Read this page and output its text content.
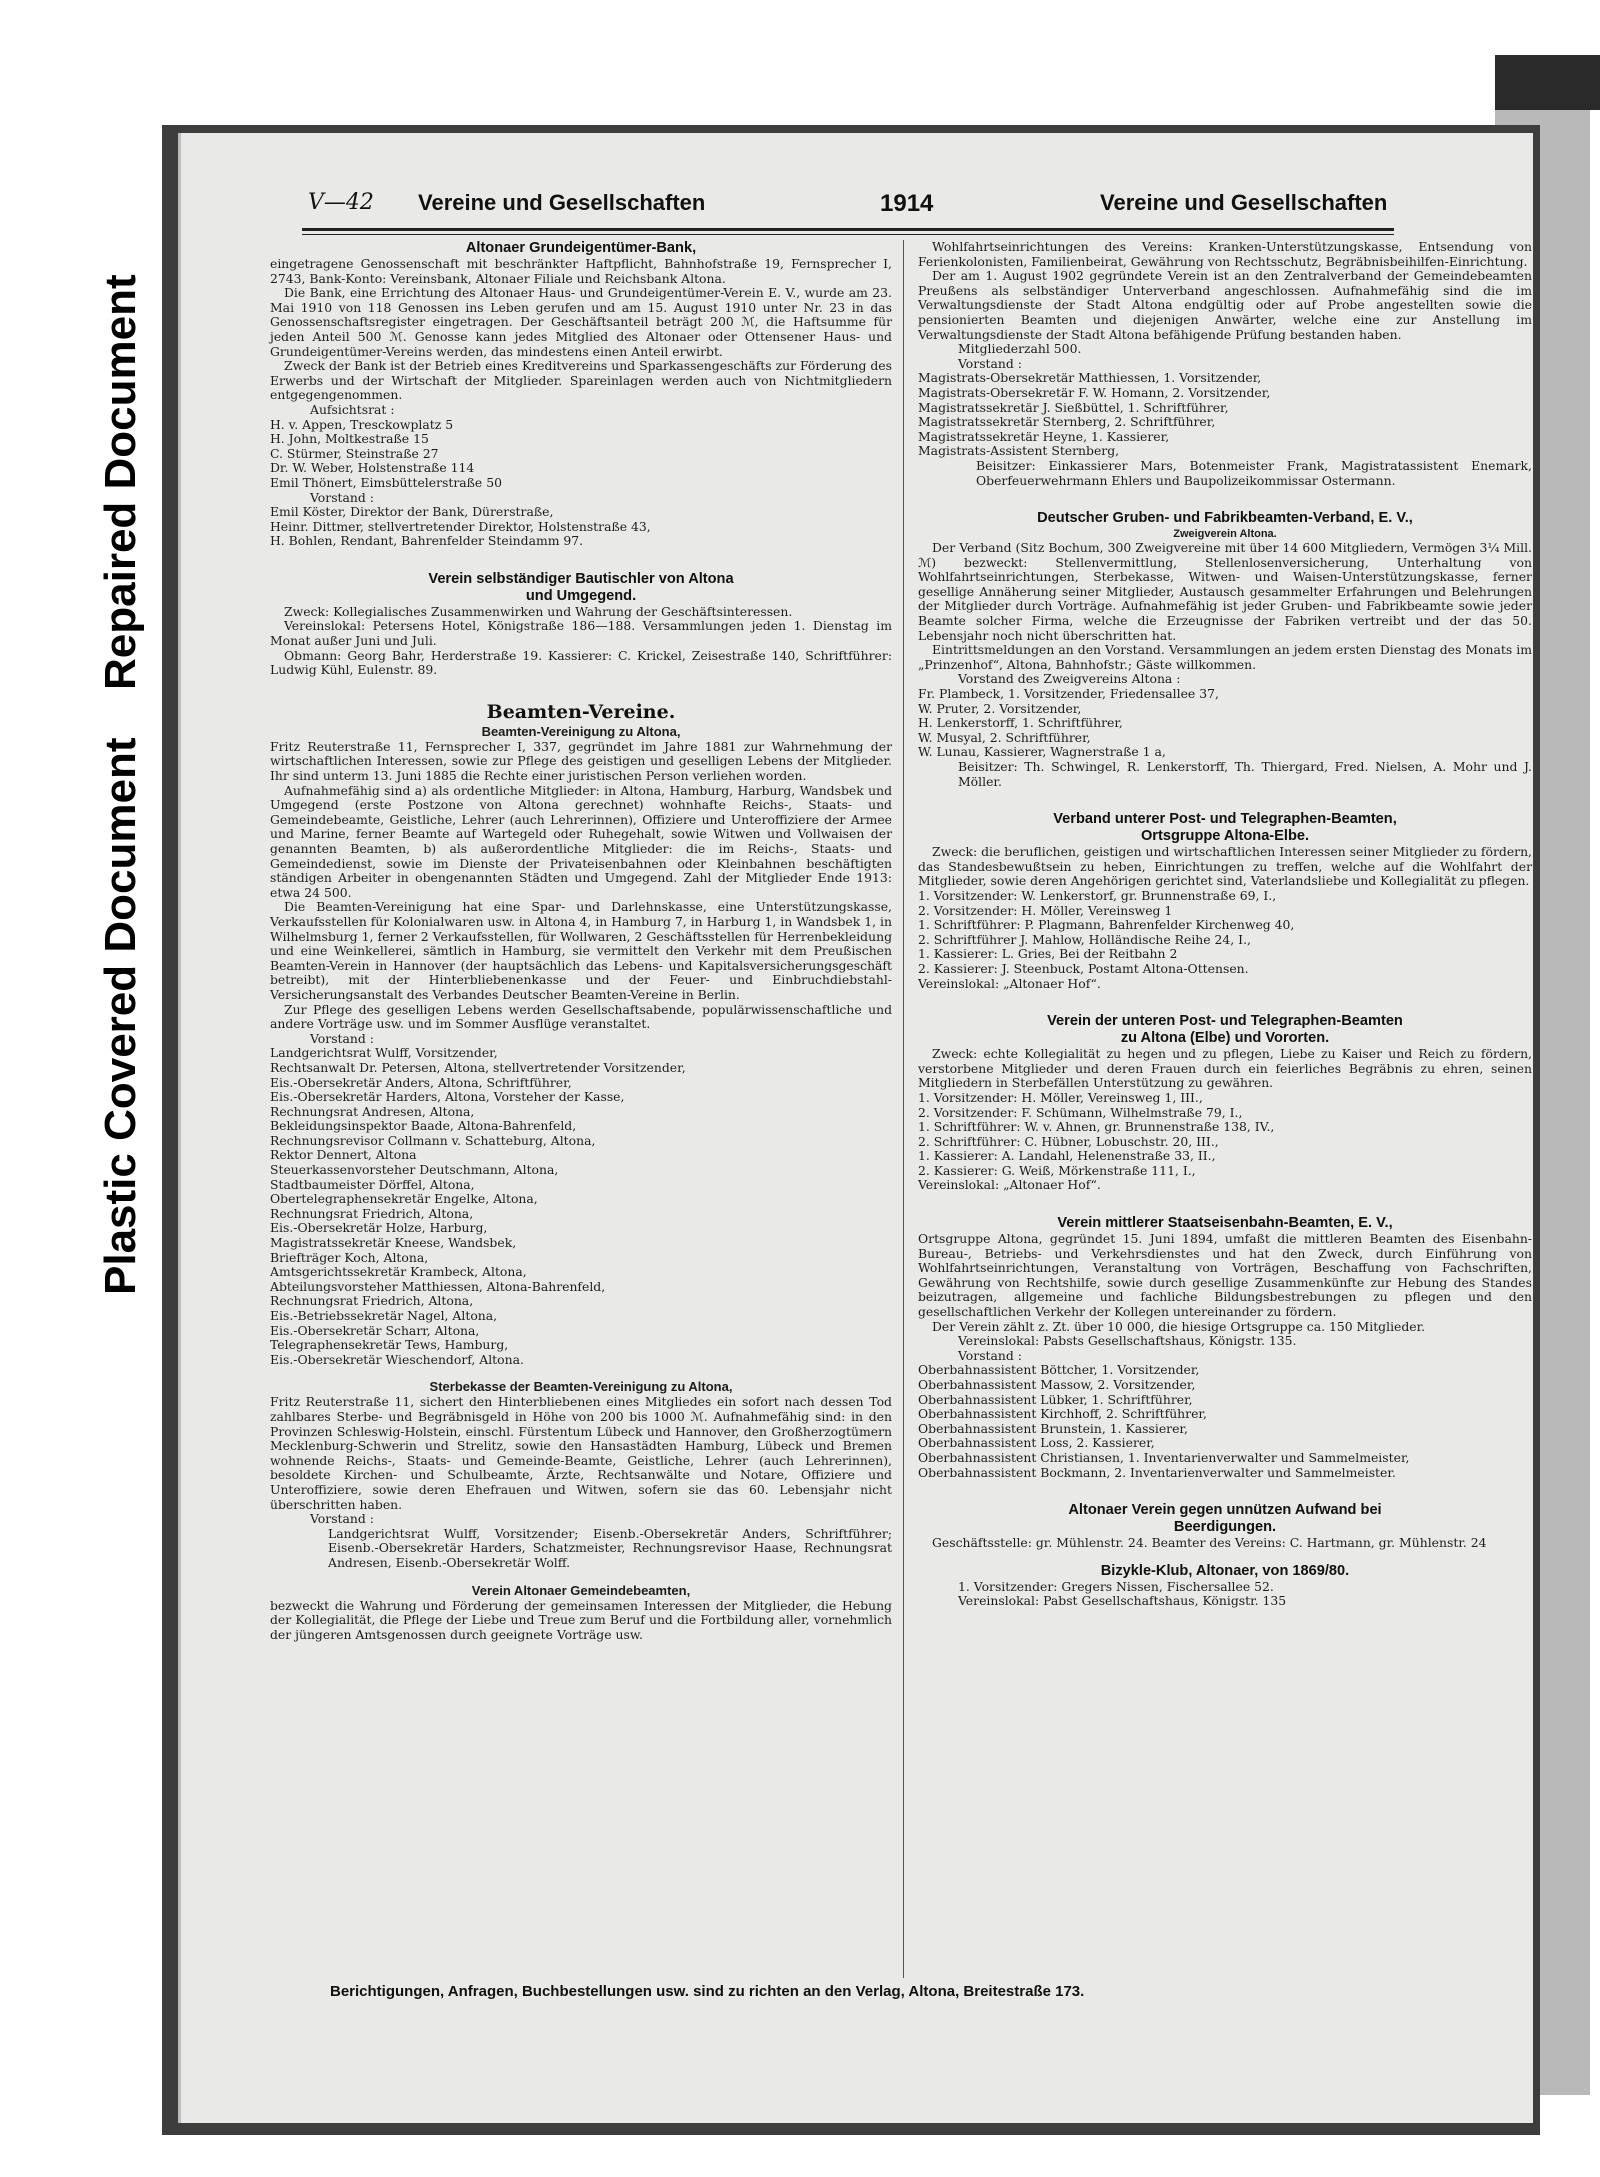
Repaired Document
Plastic Covered Document
V—42 Vereine und Gesellschaften	1914	Vereine und Gesellschaften
Altonaer Grundeigentümer-Bank,

eingetragene Genossenschaft mit beschränkter Haftpflicht, Bahnhofstraße 19, Fernsprecher I, 2743, Bank-Konto: Vereinsbank, Altonaer Filiale und Reichsbank Altona.

Die Bank, eine Errichtung des Altonaer Haus- und Grundeigentümer-Verein E. V., wurde am 23. Mai 1910 von 118 Genossen ins Leben gerufen und am 15. August 1910 unter Nr. 23 in das Genossenschaftsregister eingetragen. Der Geschäftsanteil beträgt 200 ℳ, die Haftsumme für jeden Anteil 500 ℳ. Genosse kann jedes Mitglied des Altonaer oder Ottensener Haus- und Grundeigentümer-Vereins werden, das mindestens einen Anteil erwirbt.

Zweck der Bank ist der Betrieb eines Kreditvereins und Sparkassengeschäfts zur Förderung des Erwerbs und der Wirtschaft der Mitglieder. Spareinlagen werden auch von Nichtmitgliedern entgegengenommen.

Aufsichtsrat :
H. v. Appen, Tresckowplatz 5
H. John, Moltkestraße 15
C. Stürmer, Steinstraße 27
Dr. W. Weber, Holstenstraße 114
Emil Thönert, Eimsbüttelerstraße 50
Vorstand :
Emil Köster, Direktor der Bank, Dürerstraße,
Heinr. Dittmer, stellvertretender Direktor, Holstenstraße 43,
H. Bohlen, Rendant, Bahrenfelder Steindamm 97.
Verein selbständiger Bautischler von Altona
und Umgegend.

Zweck: Kollegialisches Zusammenwirken und Wahrung der Geschäftsinteressen.

Vereinslokal: Petersens Hotel, Königstraße 186—188. Versammlungen jeden 1. Dienstag im Monat außer Juni und Juli.

Obmann: Georg Bahr, Herderstraße 19. Kassierer: C. Krickel, Zeisestraße 140, Schriftführer: Ludwig Kühl, Eulenstr. 89.

Beamten-Vereine.
Beamten-Vereinigung zu Altona,

Fritz Reuterstraße 11, Fernsprecher I, 337, gegründet im Jahre 1881 zur Wahrnehmung der wirtschaftlichen Interessen, sowie zur Pflege des geistigen und geselligen Lebens der Mitglieder. Ihr sind unterm 13. Juni 1885 die Rechte einer juristischen Person verliehen worden.

Aufnahmefähig sind a) als ordentliche Mitglieder: in Altona, Hamburg, Harburg, Wandsbek und Umgegend (erste Postzone von Altona gerechnet) wohnhafte Reichs-, Staats- und Gemeindebeamte, Geistliche, Lehrer (auch Lehrerinnen), Offiziere und Unteroffiziere der Armee und Marine, ferner Beamte auf Wartegeld oder Ruhegehalt, sowie Witwen und Vollwaisen der genannten Beamten, b) als außerordentliche Mitglieder: die im Reichs-, Staats- und Gemeindedienst, sowie im Dienste der Privateisenbahnen oder Kleinbahnen beschäftigten ständigen Arbeiter in obengenannten Städten und Umgegend. Zahl der Mitglieder Ende 1913: etwa 24 500.

Die Beamten-Vereinigung hat eine Spar- und Darlehnskasse, eine Unterstützungskasse, Verkaufsstellen für Kolonialwaren usw. in Altona 4, in Hamburg 7, in Harburg 1, in Wandsbek 1, in Wilhelmsburg 1, ferner 2 Verkaufsstellen, für Wollwaren, 2 Geschäftsstellen für Herrenbekleidung und eine Weinkellerei, sämtlich in Hamburg, sie vermittelt den Verkehr mit dem Preußischen Beamten-Verein in Hannover (der hauptsächlich das Lebens- und Kapitalsversicherungsgeschäft betreibt), mit der Hinterbliebenenkasse und der Feuer- und Einbruchdiebstahl-Versicherungsanstalt des Verbandes Deutscher Beamten-Vereine in Berlin.

Zur Pflege des geselligen Lebens werden Gesellschaftsabende, populärwissenschaftliche und andere Vorträge usw. und im Sommer Ausflüge veranstaltet.

Vorstand :
Landgerichtsrat Wulff, Vorsitzender,
Rechtsanwalt Dr. Petersen, Altona, stellvertretender Vorsitzender,
Eis.-Obersekretär Anders, Altona, Schriftführer,
Eis.-Obersekretär Harders, Altona, Vorsteher der Kasse,
Rechnungsrat Andresen, Altona,
Bekleidungsinspektor Baade, Altona-Bahrenfeld,
Rechnungsrevisor Collmann v. Schatteburg, Altona,
Rektor Dennert, Altona
Steuerkassenvorsteher Deutschmann, Altona,
Stadtbaumeister Dörffel, Altona,
Obertelegraphensekretär Engelke, Altona,
Rechnungsrat Friedrich, Altona,
Eis.-Obersekretär Holze, Harburg,
Magistratssekretär Kneese, Wandsbek,
Briefträger Koch, Altona,
Amtsgerichtssekretär Krambeck, Altona,
Abteilungsvorsteher Matthiessen, Altona-Bahrenfeld,
Rechnungsrat Friedrich, Altona,
Eis.-Betriebssekretär Nagel, Altona,
Eis.-Obersekretär Scharr, Altona,
Telegraphensekretär Tews, Hamburg,
Eis.-Obersekretär Wieschendorf, Altona.
Sterbekasse der Beamten-Vereinigung zu Altona,

Fritz Reuterstraße 11, sichert den Hinterbliebenen eines Mitgliedes ein sofort nach dessen Tod zahlbares Sterbe- und Begräbnisgeld in Höhe von 200 bis 1000 ℳ. Aufnahmefähig sind: in den Provinzen Schleswig-Holstein, einschl. Fürstentum Lübeck und Hannover, den Großherzogtümern Mecklenburg-Schwerin und Strelitz, sowie den Hansastädten Hamburg, Lübeck und Bremen wohnende Reichs-, Staats- und Gemeinde-Beamte, Geistliche, Lehrer (auch Lehrerinnen), besoldete Kirchen- und Schulbeamte, Ärzte, Rechtsanwälte und Notare, Offiziere und Unteroffiziere, sowie deren Ehefrauen und Witwen, sofern sie das 60. Lebensjahr nicht überschritten haben.

Vorstand :

Landgerichtsrat Wulff, Vorsitzender; Eisenb.-Obersekretär Anders, Schriftführer; Eisenb.-Obersekretär Harders, Schatzmeister, Rechnungsrevisor Haase, Rechnungsrat Andresen, Eisenb.-Obersekretär Wolff.

Verein Altonaer Gemeindebeamten,

bezweckt die Wahrung und Förderung der gemeinsamen Interessen der Mitglieder, die Hebung der Kollegialität, die Pflege der Liebe und Treue zum Beruf und die Fortbildung aller, vornehmlich der jüngeren Amtsgenossen durch geeignete Vorträge usw.

Wohlfahrtseinrichtungen des Vereins: Kranken-Unterstützungskasse, Entsendung von Ferienkolonisten, Familienbeirat, Gewährung von Rechtsschutz, Begräbnisbeihilfen-Einrichtung.

Der am 1. August 1902 gegründete Verein ist an den Zentralverband der Gemeindebeamten Preußens als selbständiger Unterverband angeschlossen. Aufnahmefähig sind die im Verwaltungsdienste der Stadt Altona endgültig oder auf Probe angestellten sowie die pensionierten Beamten und diejenigen Anwärter, welche eine zur Anstellung im Verwaltungsdienste der Stadt Altona befähigende Prüfung bestanden haben.

Mitgliederzahl 500.
Vorstand :
Magistrats-Obersekretär Matthiessen, 1. Vorsitzender,
Magistrats-Obersekretär F. W. Homann, 2. Vorsitzender,
Magistratssekretär J. Sießbüttel, 1. Schriftführer,
Magistratssekretär Sternberg, 2. Schriftführer,
Magistratssekretär Heyne, 1. Kassierer,
Magistrats-Assistent Sternberg,

Beisitzer: Einkassierer Mars, Botenmeister Frank, Magistratassistent Enemark, Oberfeuerwehrmann Ehlers und Baupolizeikommissar Ostermann.

Deutscher Gruben- und Fabrikbeamten-Verband, E. V.,
Zweigverein Altona.

Der Verband (Sitz Bochum, 300 Zweigvereine mit über 14 600 Mitgliedern, Vermögen 3¼ Mill. ℳ) bezweckt: Stellenvermittlung, Stellenlosenversicherung, Unterhaltung von Wohlfahrtseinrichtungen, Sterbekasse, Witwen- und Waisen-Unterstützungskasse, ferner gesellige Annäherung seiner Mitglieder, Austausch gesammelter Erfahrungen und Belehrungen der Mitglieder durch Vorträge. Aufnahmefähig ist jeder Gruben- und Fabrikbeamte sowie jeder Beamte solcher Firma, welche die Erzeugnisse der Fabriken vertreibt und der das 50. Lebensjahr noch nicht überschritten hat.

Eintrittsmeldungen an den Vorstand. Versammlungen an jedem ersten Dienstag des Monats im „Prinzenhof“, Altona, Bahnhofstr.; Gäste willkommen.

Vorstand des Zweigvereins Altona :
Fr. Plambeck, 1. Vorsitzender, Friedensallee 37,
W. Pruter, 2. Vorsitzender,
H. Lenkerstorff, 1. Schriftführer,
W. Musyal, 2. Schriftführer,
W. Lunau, Kassierer, Wagnerstraße 1 a,

Beisitzer: Th. Schwingel, R. Lenkerstorff, Th. Thiergard, Fred. Nielsen, A. Mohr und J. Möller.

Verband unterer Post- und Telegraphen-Beamten,
Ortsgruppe Altona-Elbe.

Zweck: die beruflichen, geistigen und wirtschaftlichen Interessen seiner Mitglieder zu fördern, das Standesbewußtsein zu heben, Einrichtungen zu treffen, welche auf die Wohlfahrt der Mitglieder, sowie deren Angehörigen gerichtet sind, Vaterlandsliebe und Kollegialität zu pflegen.

1. Vorsitzender: W. Lenkerstorf, gr. Brunnenstraße 69, I.,
2. Vorsitzender: H. Möller, Vereinsweg 1
1. Schriftführer: P. Plagmann, Bahrenfelder Kirchenweg 40,
2. Schriftführer J. Mahlow, Holländische Reihe 24, I.,
1. Kassierer: L. Gries, Bei der Reitbahn 2
2. Kassierer: J. Steenbuck, Postamt Altona-Ottensen.
Vereinslokal: „Altonaer Hof“.
Verein der unteren Post- und Telegraphen-Beamten
zu Altona (Elbe) und Vororten.

Zweck: echte Kollegialität zu hegen und zu pflegen, Liebe zu Kaiser und Reich zu fördern, verstorbene Mitglieder und deren Frauen durch ein feierliches Begräbnis zu ehren, seinen Mitgliedern in Sterbefällen Unterstützung zu gewähren.

1. Vorsitzender: H. Möller, Vereinsweg 1, III.,
2. Vorsitzender: F. Schümann, Wilhelmstraße 79, I.,
1. Schriftführer: W. v. Ahnen, gr. Brunnenstraße 138, IV.,
2. Schriftführer: C. Hübner, Lobuschstr. 20, III.,
1. Kassierer: A. Landahl, Helenenstraße 33, II.,
2. Kassierer: G. Weiß, Mörkenstraße 111, I.,
Vereinslokal: „Altonaer Hof“.
Verein mittlerer Staatseisenbahn-Beamten, E. V.,

Ortsgruppe Altona, gegründet 15. Juni 1894, umfaßt die mittleren Beamten des Eisenbahn-Bureau-, Betriebs- und Verkehrsdienstes und hat den Zweck, durch Einführung von Wohlfahrtseinrichtungen, Veranstaltung von Vorträgen, Beschaffung von Fachschriften, Gewährung von Rechtshilfe, sowie durch gesellige Zusammenkünfte zur Hebung des Standes beizutragen, allgemeine und fachliche Bildungsbestrebungen zu pflegen und den gesellschaftlichen Verkehr der Kollegen untereinander zu fördern.

Der Verein zählt z. Zt. über 10 000, die hiesige Ortsgruppe ca. 150 Mitglieder.

Vereinslokal: Pabsts Gesellschaftshaus, Königstr. 135.
Vorstand :
Oberbahnassistent Böttcher, 1. Vorsitzender,
Oberbahnassistent Massow, 2. Vorsitzender,
Oberbahnassistent Lübker, 1. Schriftführer,
Oberbahnassistent Kirchhoff, 2. Schriftführer,
Oberbahnassistent Brunstein, 1. Kassierer,
Oberbahnassistent Loss, 2. Kassierer,
Oberbahnassistent Christiansen, 1. Inventarienverwalter und Sammelmeister,
Oberbahnassistent Bockmann, 2. Inventarienverwalter und Sammelmeister.
Altonaer Verein gegen unnützen Aufwand bei
Beerdigungen.

Geschäftsstelle: gr. Mühlenstr. 24. Beamter des Vereins: C. Hartmann, gr. Mühlenstr. 24

Bizykle-Klub, Altonaer, von 1869/80.
1. Vorsitzender: Gregers Nissen, Fischersallee 52.
Vereinslokal: Pabst Gesellschaftshaus, Königstr. 135
Berichtigungen, Anfragen, Buchbestellungen usw. sind zu richten an den Verlag, Altona, Breitestraße 173.
